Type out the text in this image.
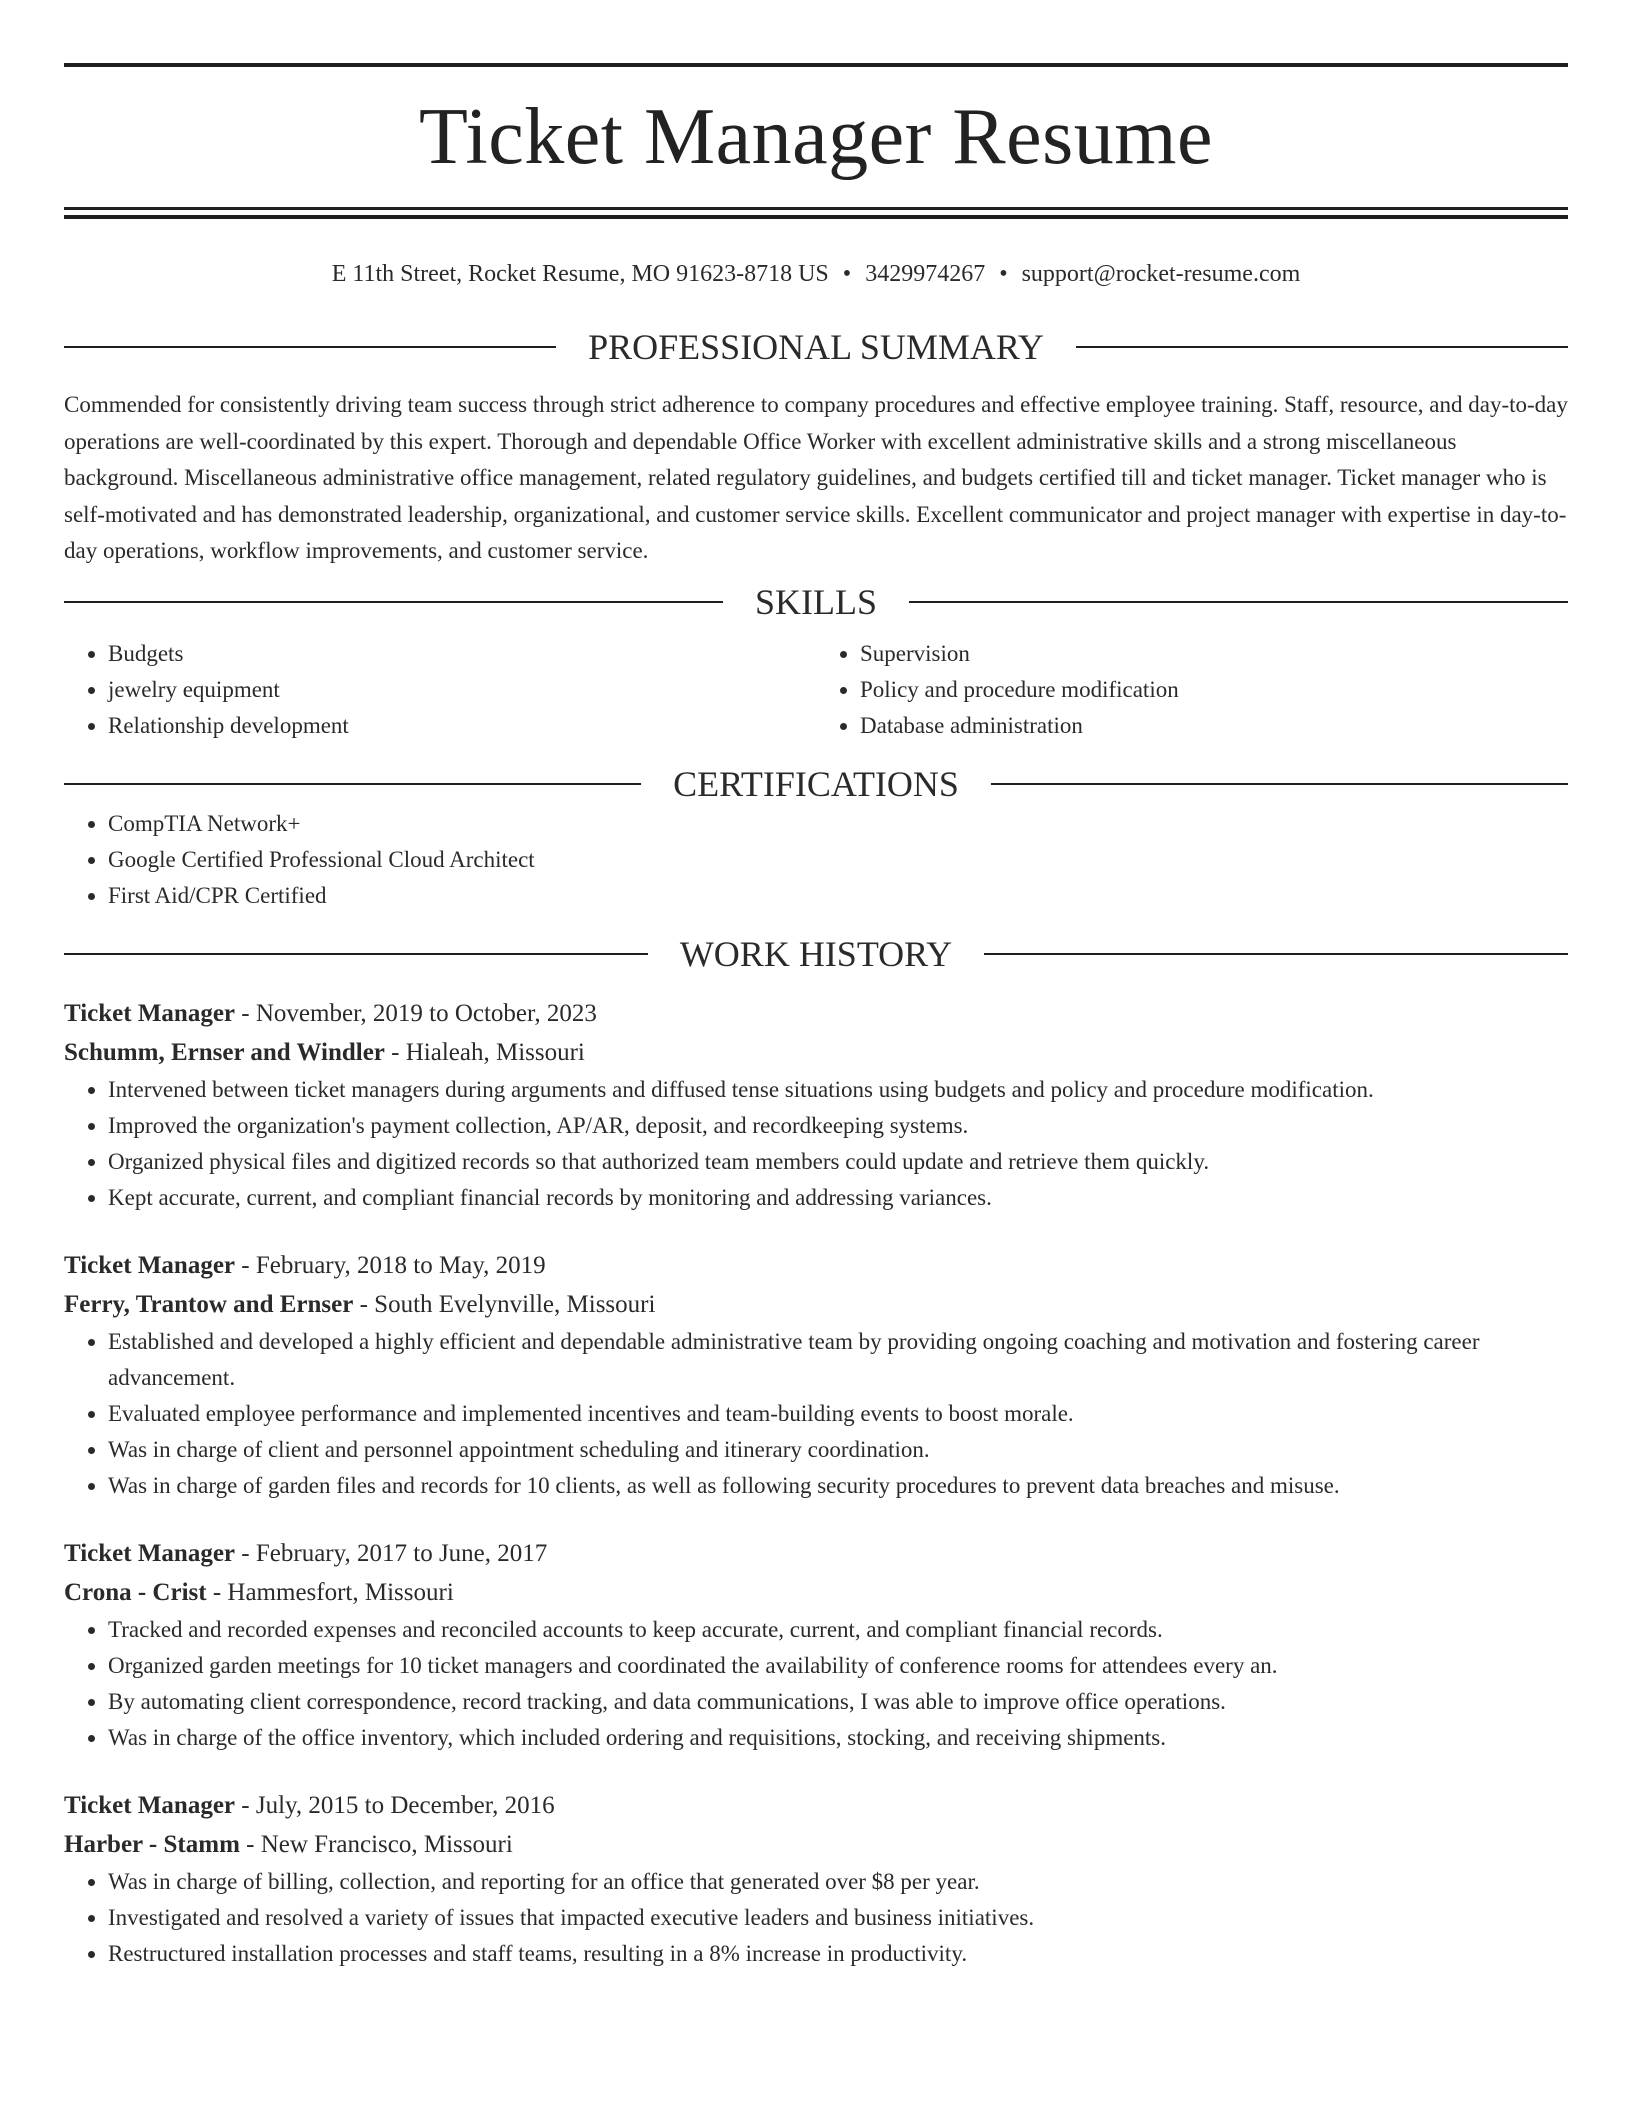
Ticket Manager Resume
E 11th Street, Rocket Resume, MO 91623-8718 US • 3429974267 • support@rocket-resume.com
PROFESSIONAL SUMMARY

Commended for consistently driving team success through strict adherence to company procedures and effective employee training. Staff, resource, and day-to-day operations are well-coordinated by this expert. Thorough and dependable Office Worker with excellent administrative skills and a strong miscellaneous background. Miscellaneous administrative office management, related regulatory guidelines, and budgets certified till and ticket manager. Ticket manager who is self-motivated and has demonstrated leadership, organizational, and customer service skills. Excellent communicator and project manager with expertise in day-to-day operations, workflow improvements, and customer service.

SKILLS
• Budgets
• jewelry equipment
• Relationship development
• Supervision
• Policy and procedure modification
• Database administration
CERTIFICATIONS
• CompTIA Network+
• Google Certified Professional Cloud Architect
• First Aid/CPR Certified
WORK HISTORY
Ticket Manager - November, 2019 to October, 2023
Schumm, Ernser and Windler - Hialeah, Missouri
• Intervened between ticket managers during arguments and diffused tense situations using budgets and policy and procedure modification.
• Improved the organization's payment collection, AP/AR, deposit, and recordkeeping systems.
• Organized physical files and digitized records so that authorized team members could update and retrieve them quickly.
• Kept accurate, current, and compliant financial records by monitoring and addressing variances.
Ticket Manager - February, 2018 to May, 2019
Ferry, Trantow and Ernser - South Evelynville, Missouri
• Established and developed a highly efficient and dependable administrative team by providing ongoing coaching and motivation and fostering career advancement.
• Evaluated employee performance and implemented incentives and team-building events to boost morale.
• Was in charge of client and personnel appointment scheduling and itinerary coordination.
• Was in charge of garden files and records for 10 clients, as well as following security procedures to prevent data breaches and misuse.
Ticket Manager - February, 2017 to June, 2017
Crona - Crist - Hammesfort, Missouri
• Tracked and recorded expenses and reconciled accounts to keep accurate, current, and compliant financial records.
• Organized garden meetings for 10 ticket managers and coordinated the availability of conference rooms for attendees every an.
• By automating client correspondence, record tracking, and data communications, I was able to improve office operations.
• Was in charge of the office inventory, which included ordering and requisitions, stocking, and receiving shipments.
Ticket Manager - July, 2015 to December, 2016
Harber - Stamm - New Francisco, Missouri
• Was in charge of billing, collection, and reporting for an office that generated over $8 per year.
• Investigated and resolved a variety of issues that impacted executive leaders and business initiatives.
• Restructured installation processes and staff teams, resulting in a 8% increase in productivity.
